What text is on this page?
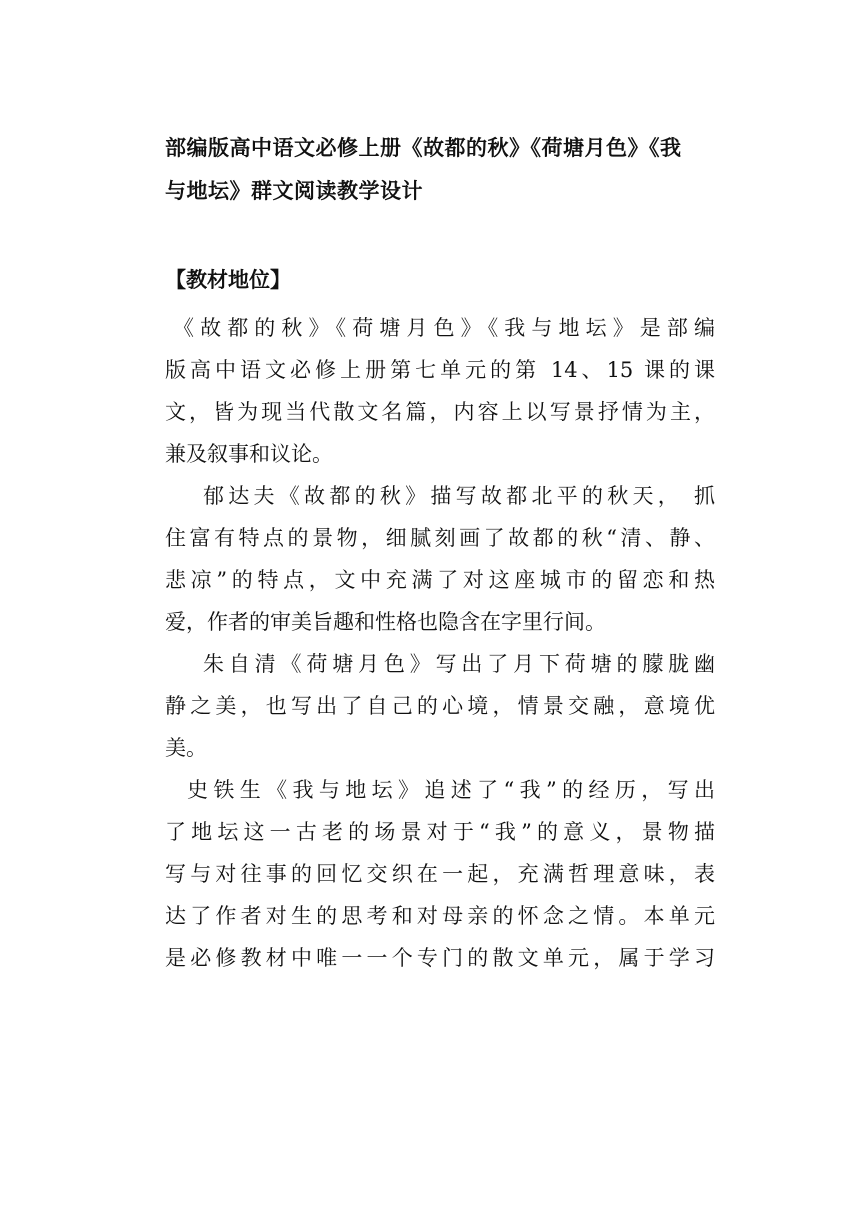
部编版高中语文必修上册《故都的秋》《荷塘月色》《我
与地坛》群文阅读教学设计
【教材地位】
《故都的秋》《荷塘月色》《我与地坛》是部编
版高中语文必修上册第七单元的第 14、15 课的课
文，皆为现当代散文名篇，内容上以写景抒情为主，
兼及叙事和议论。
郁达夫《故都的秋》描写故都北平的秋天， 抓
住富有特点的景物，细腻刻画了故都的秋“清、静、
悲凉”的特点，文中充满了对这座城市的留恋和热
爱，作者的审美旨趣和性格也隐含在字里行间。
朱自清《荷塘月色》写出了月下荷塘的朦胧幽
静之美，也写出了自己的心境，情景交融，意境优
美。
史铁生《我与地坛》追述了“我”的经历，写出
了地坛这一古老的场景对于“我”的意义，景物描
写与对往事的回忆交织在一起，充满哲理意味，表
达了作者对生的思考和对母亲的怀念之情。本单元
是必修教材中唯一一个专门的散文单元，属于学习
